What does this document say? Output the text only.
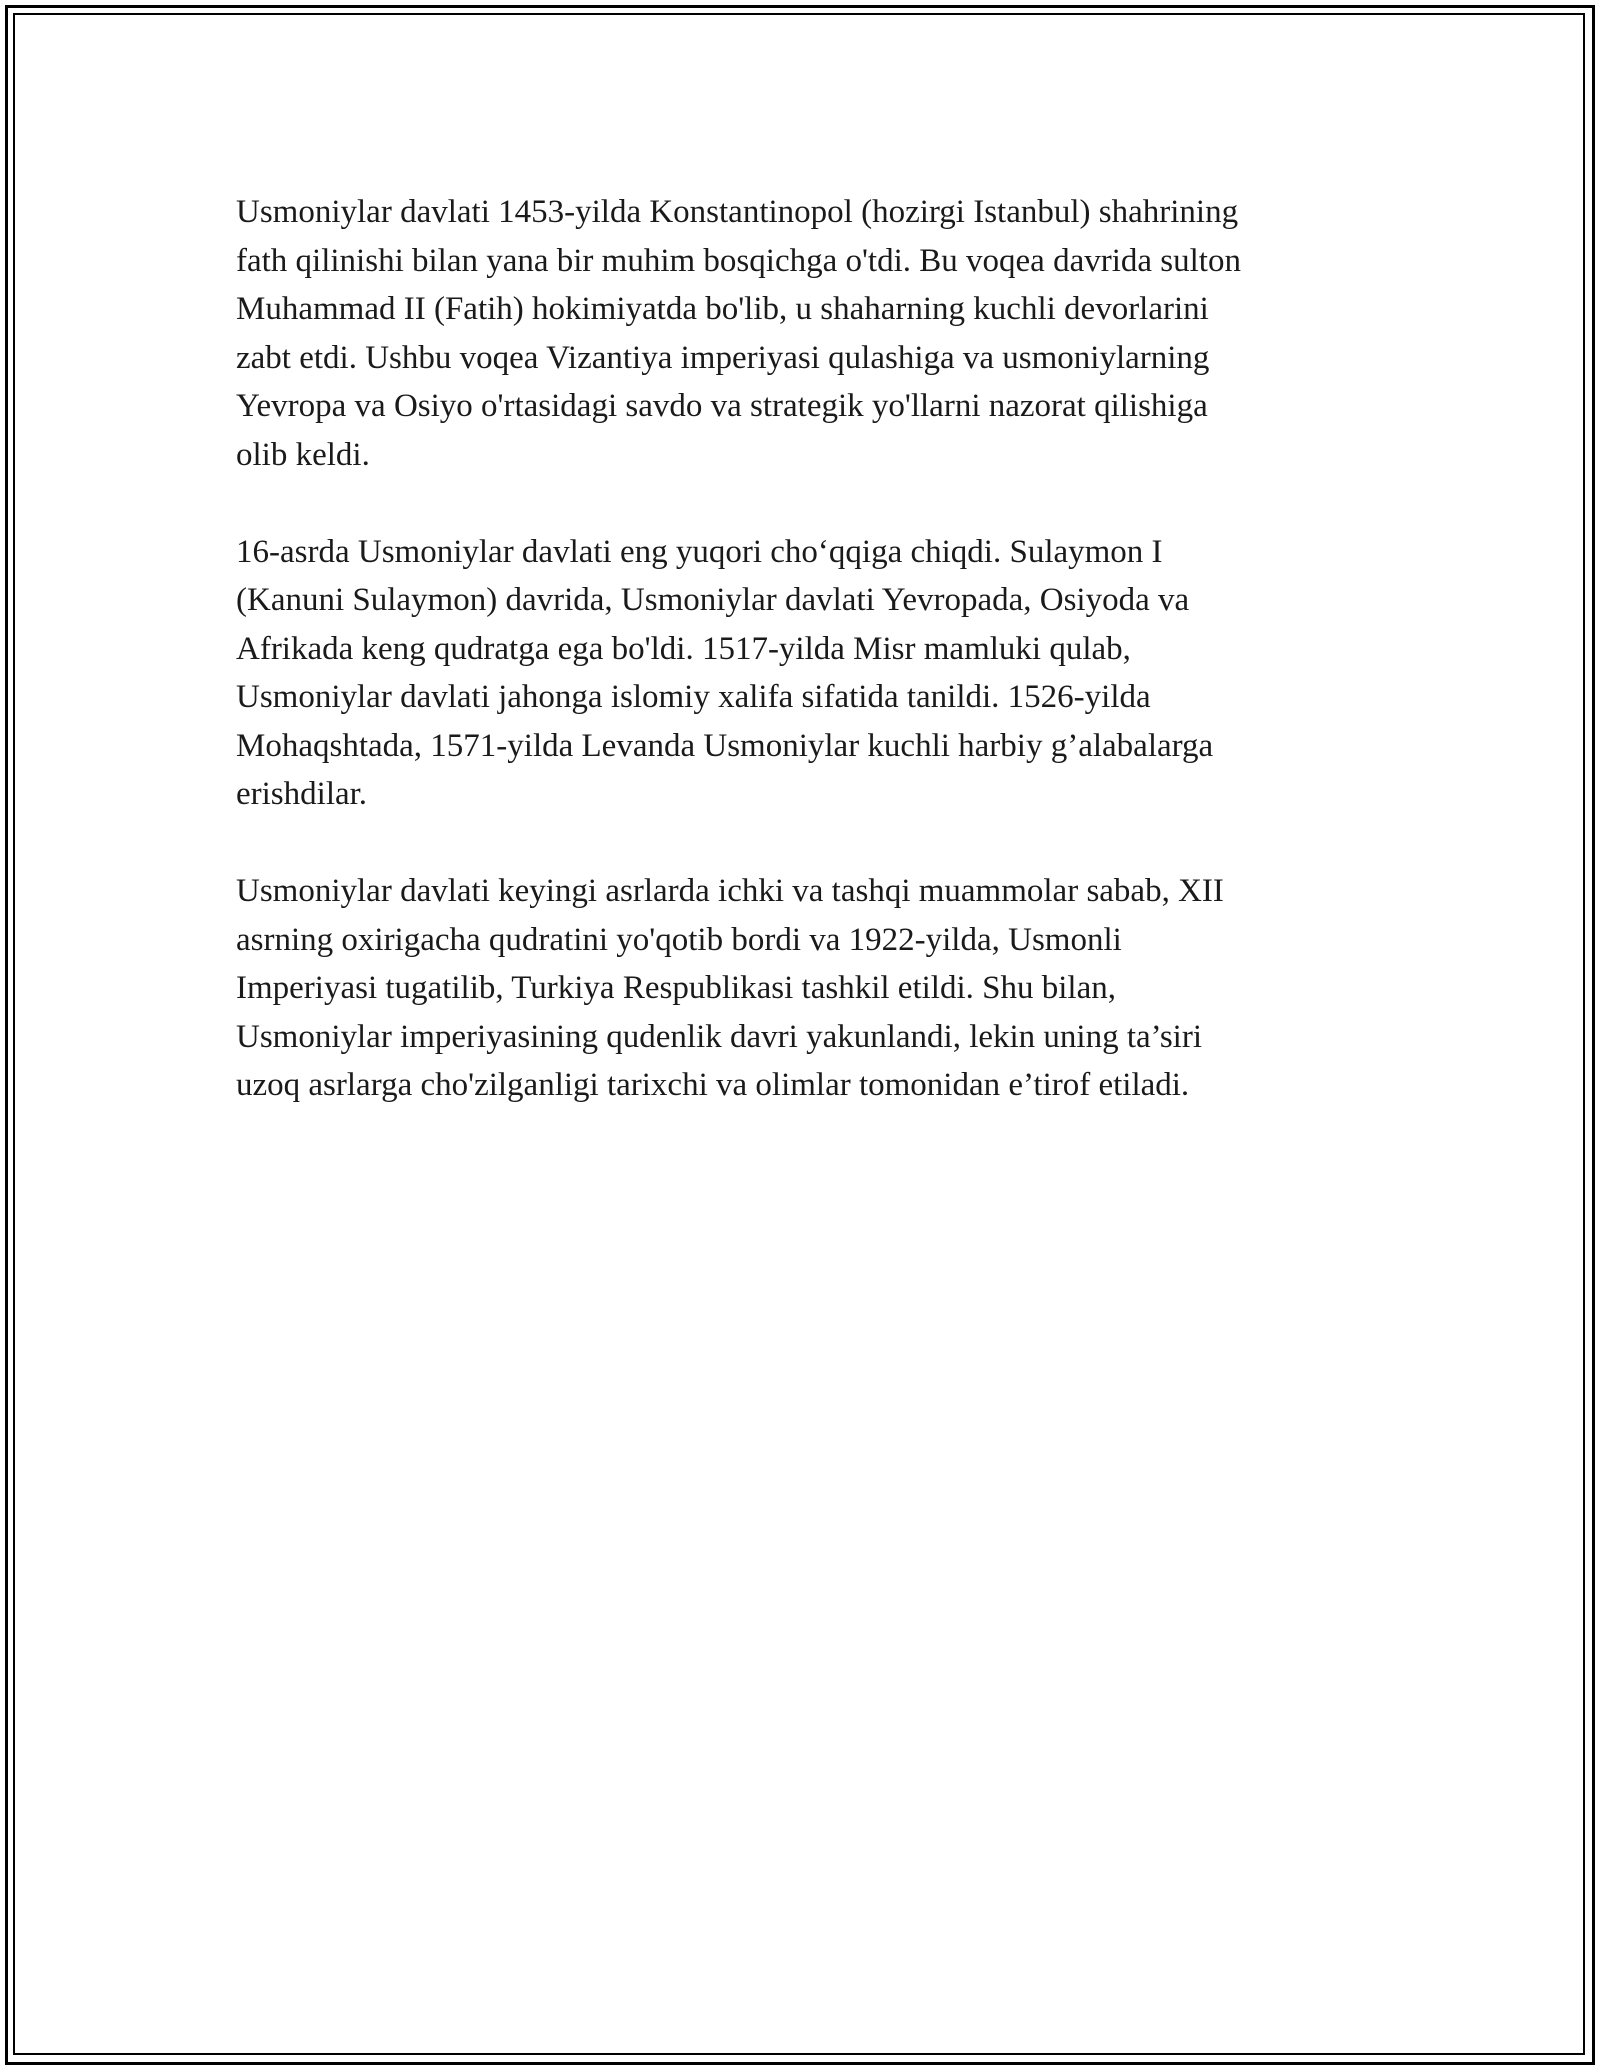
Usmoniylar davlati 1453-yilda Konstantinopol (hozirgi Istanbul) shahrining
fath qilinishi bilan yana bir muhim bosqichga o'tdi. Bu voqea davrida sulton
Muhammad II (Fatih) hokimiyatda bo'lib, u shaharning kuchli devorlarini
zabt etdi. Ushbu voqea Vizantiya imperiyasi qulashiga va usmoniylarning
Yevropa va Osiyo o'rtasidagi savdo va strategik yo'llarni nazorat qilishiga
olib keldi.

16-asrda Usmoniylar davlati eng yuqori cho‘qqiga chiqdi. Sulaymon I
(Kanuni Sulaymon) davrida, Usmoniylar davlati Yevropada, Osiyoda va
Afrikada keng qudratga ega bo'ldi. 1517-yilda Misr mamluki qulab,
Usmoniylar davlati jahonga islomiy xalifa sifatida tanildi. 1526-yilda
Mohaqshtada, 1571-yilda Levanda Usmoniylar kuchli harbiy g’alabalarga
erishdilar.

Usmoniylar davlati keyingi asrlarda ichki va tashqi muammolar sabab, XII
asrning oxirigacha qudratini yo'qotib bordi va 1922-yilda, Usmonli
Imperiyasi tugatilib, Turkiya Respublikasi tashkil etildi. Shu bilan,
Usmoniylar imperiyasining qudenlik davri yakunlandi, lekin uning ta’siri
uzoq asrlarga cho'zilganligi tarixchi va olimlar tomonidan e’tirof etiladi.
